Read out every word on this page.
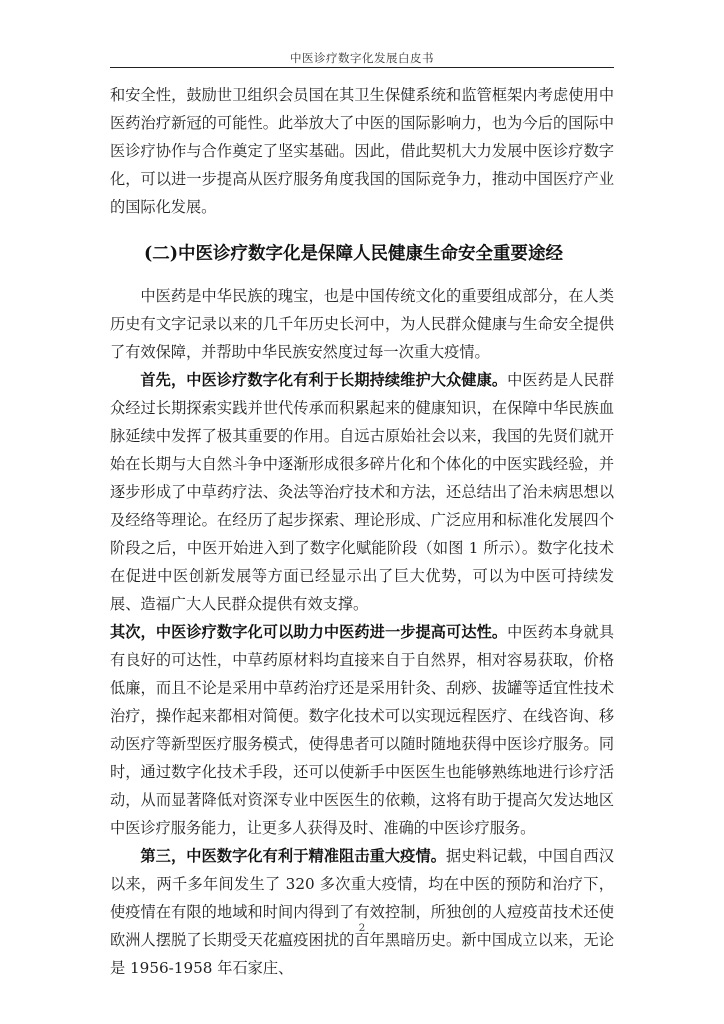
中医诊疗数字化发展白皮书

和安全性，鼓励世卫组织会员国在其卫生保健系统和监管框架内考虑使用中医药治疗新冠的可能性。此举放大了中医的国际影响力，也为今后的国际中医诊疗协作与合作奠定了坚实基础。因此，借此契机大力发展中医诊疗数字化，可以进一步提高从医疗服务角度我国的国际竞争力，推动中国医疗产业的国际化发展。

(二)中医诊疗数字化是保障人民健康生命安全重要途经

中医药是中华民族的瑰宝，也是中国传统文化的重要组成部分，在人类历史有文字记录以来的几千年历史长河中，为人民群众健康与生命安全提供了有效保障，并帮助中华民族安然度过每一次重大疫情。

首先，中医诊疗数字化有利于长期持续维护大众健康。中医药是人民群众经过长期探索实践并世代传承而积累起来的健康知识，在保障中华民族血脉延续中发挥了极其重要的作用。自远古原始社会以来，我国的先贤们就开始在长期与大自然斗争中逐渐形成很多碎片化和个体化的中医实践经验，并逐步形成了中草药疗法、灸法等治疗技术和方法，还总结出了治未病思想以及经络等理论。在经历了起步探索、理论形成、广泛应用和标准化发展四个阶段之后，中医开始进入到了数字化赋能阶段（如图 1 所示）。数字化技术在促进中医创新发展等方面已经显示出了巨大优势，可以为中医可持续发展、造福广大人民群众提供有效支撑。

其次，中医诊疗数字化可以助力中医药进一步提高可达性。中医药本身就具有良好的可达性，中草药原材料均直接来自于自然界，相对容易获取，价格低廉，而且不论是采用中草药治疗还是采用针灸、刮痧、拔罐等适宜性技术治疗，操作起来都相对简便。数字化技术可以实现远程医疗、在线咨询、移动医疗等新型医疗服务模式，使得患者可以随时随地获得中医诊疗服务。同时，通过数字化技术手段，还可以使新手中医医生也能够熟练地进行诊疗活动，从而显著降低对资深专业中医医生的依赖，这将有助于提高欠发达地区中医诊疗服务能力，让更多人获得及时、准确的中医诊疗服务。

第三，中医数字化有利于精准阻击重大疫情。据史料记载，中国自西汉以来，两千多年间发生了 320 多次重大疫情，均在中医的预防和治疗下，使疫情在有限的地域和时间内得到了有效控制，所独创的人痘疫苗技术还使欧洲人摆脱了长期受天花瘟疫困扰的百年黑暗历史。新中国成立以来，无论是 1956-1958 年石家庄、

2
